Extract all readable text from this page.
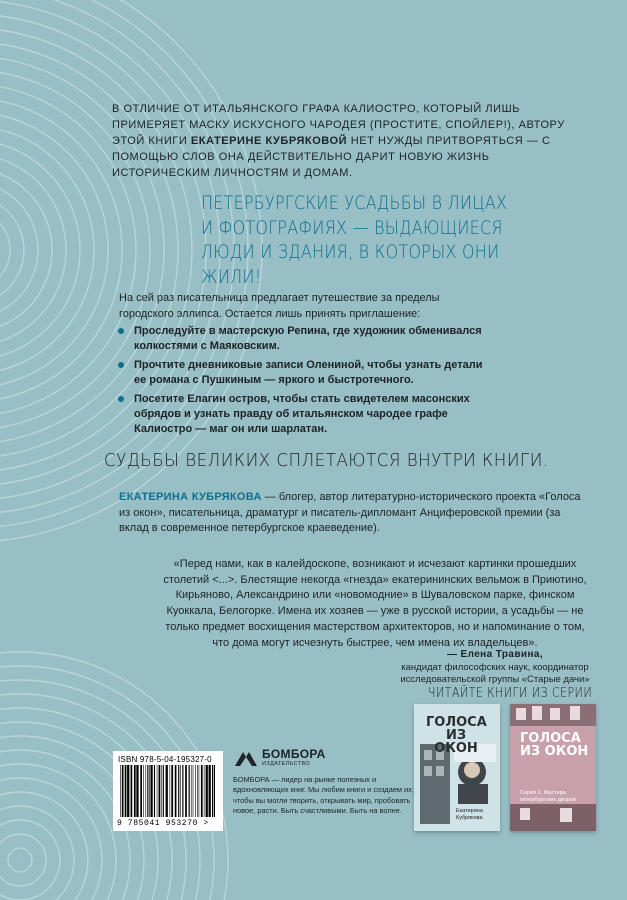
В ОТЛИЧИЕ ОТ ИТАЛЬЯНСКОГО ГРАФА КАЛИОСТРО, КОТОРЫЙ ЛИШЬ ПРИМЕРЯЕТ МАСКУ ИСКУСНОГО ЧАРОДЕЯ (ПРОСТИТЕ, СПОЙЛЕР!), АВТОРУ ЭТОЙ КНИГИ ЕКАТЕРИНЕ КУБРЯКОВОЙ НЕТ НУЖДЫ ПРИТВОРЯТЬСЯ — С ПОМОЩЬЮ СЛОВ ОНА ДЕЙСТВИТЕЛЬНО ДАРИТ НОВУЮ ЖИЗНЬ ИСТОРИЧЕСКИМ ЛИЧНОСТЯМ И ДОМАМ.
ПЕТЕРБУРГСКИЕ УСАДЬБЫ В ЛИЦАХ И ФОТОГРАФИЯХ — ВЫДАЮЩИЕСЯ ЛЮДИ И ЗДАНИЯ, В КОТОРЫХ ОНИ ЖИЛИ!
На сей раз писательница предлагает путешествие за пределы городского эллипса. Остается лишь принять приглашение:
Проследуйте в мастерскую Репина, где художник обменивался колкостями с Маяковским.
Прочтите дневниковые записи Олениной, чтобы узнать детали ее романа с Пушкиным — яркого и быстротечного.
Посетите Елагин остров, чтобы стать свидетелем масонских обрядов и узнать правду об итальянском чародее графе Калиостро — маг он или шарлатан.
СУДЬБЫ ВЕЛИКИХ СПЛЕТАЮТСЯ ВНУТРИ КНИГИ.
ЕКАТЕРИНА КУБРЯКОВА — блогер, автор литературно-исторического проекта «Голоса из окон», писательница, драматург и писатель-дипломант Анциферовской премии (за вклад в современное петербургское краеведение).
«Перед нами, как в калейдоскопе, возникают и исчезают картинки прошедших столетий <...>. Блестящие некогда «гнезда» екатерининских вельмож в Приютино, Кирьяново, Александрино или «новомодние» в Шуваловском парке, финском Куоккала, Белогорке. Имена их хозяев — уже в русской истории, а усадьбы — не только предмет восхищения мастерством архитекторов, но и напоминание о том, что дома могут исчезнуть быстрее, чем имена их владельцев».
— Елена Травина,
кандидат философских наук, координатор исследовательской группы «Старые дачи»
ЧИТАЙТЕ КНИГИ ИЗ СЕРИИ
ГОЛОСА ИЗ ОКОН
Екатерина Кубрякова
ГОЛОСА ИЗ ОКОН
Серия 2. Мастера петербургских дворов
ISBN 978-5-04-195327-0
9 785041 953270 >
БОМБОРА
ИЗДАТЕЛЬСТВО
БОМБОРА — лидер на рынке полезных и вдохновляющих книг. Мы любим книги и создаем их, чтобы вы могли творить, открывать мир, пробовать новое, расти. Быть счастливыми. Быть на волне.
